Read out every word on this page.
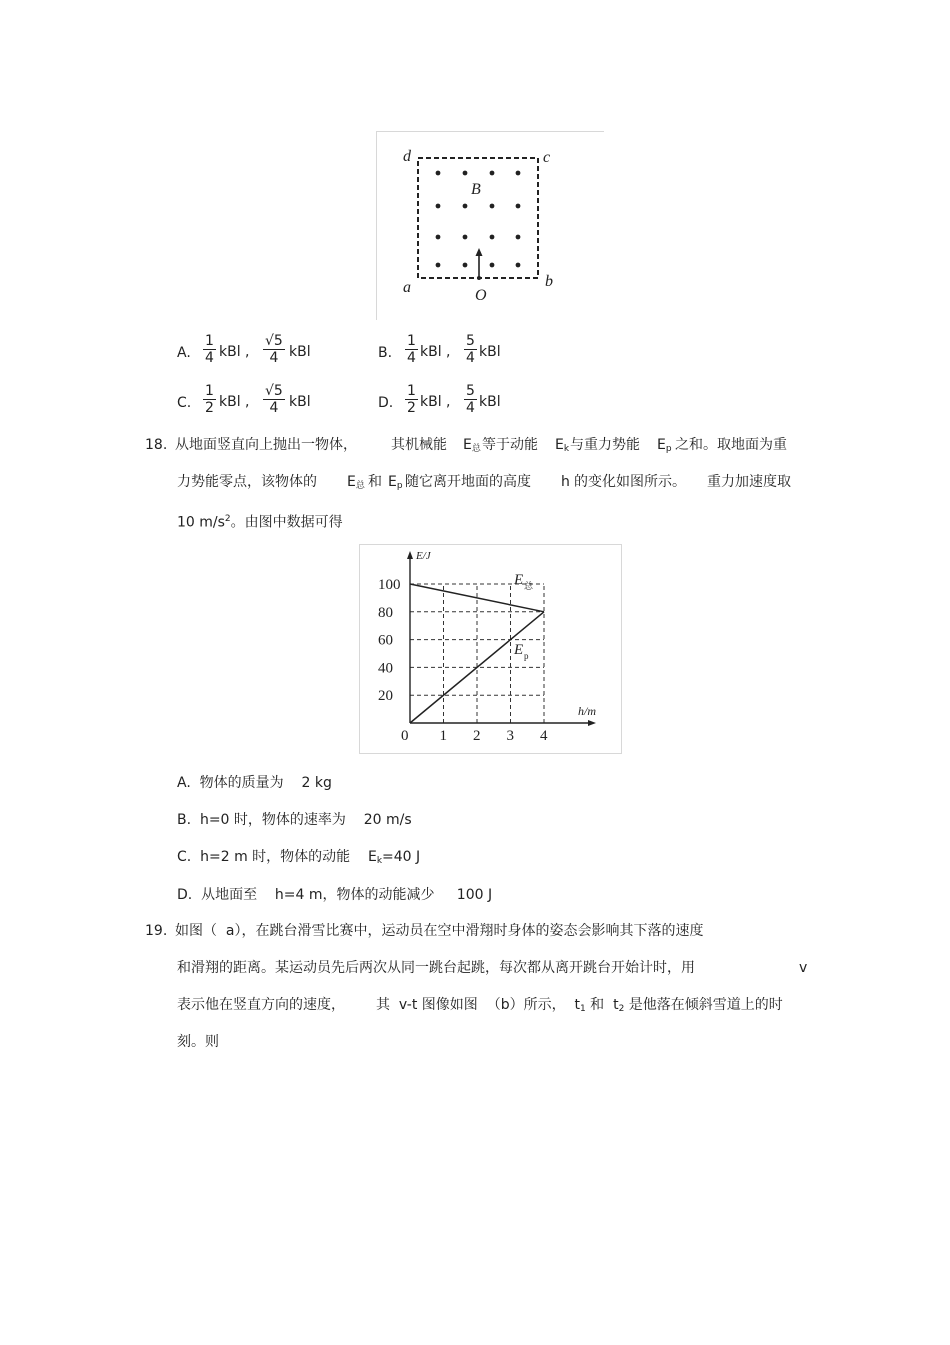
d	c
a	b
O
B
A. $\frac{1}{4}$ kBl , $\frac{√5}{4}$ kBl	B. $\frac{1}{4}$ kBl , $\frac{5}{4}$ kBl
C. $\frac{1}{2}$ kBl , $\frac{√5}{4}$ kBl	D. $\frac{1}{2}$ kBl , $\frac{5}{4}$ kBl
18. 从地面竖直向上抛出一物体， 其机械能 $E_总$ 等于动能 $E_k$ 与重力势能 $E_p$ 之和。取地面为重
力势能零点，该物体的 $E_总$ 和 $E_p$ 随它离开地面的高度 h 的变化如图所示。 重力加速度取
10 $m/s^2$。由图中数据可得
20
40
60
80
100
0 1 2 3 4
E 总
E p
E/J
h/m
A.  物体的质量为    2 kg
B.  h=0 时，物体的速率为    20 m/s
C.  h=2 m 时，物体的动能    $E_k=40$ J
D.  从地面至    h=4 m，物体的动能减少     100 J
19. 如图（  a），在跳台滑雪比赛中，运动员在空中滑翔时身体的姿态会影响其下落的速度
和滑翔的距离。某运动员先后两次从同一跳台起跳，每次都从离开跳台开始计时，用	v
表示他在竖直方向的速度， 其  v-t 图像如图  （b）所示，  $t_1$ 和  $t_2$ 是他落在倾斜雪道上的时
刻。则
